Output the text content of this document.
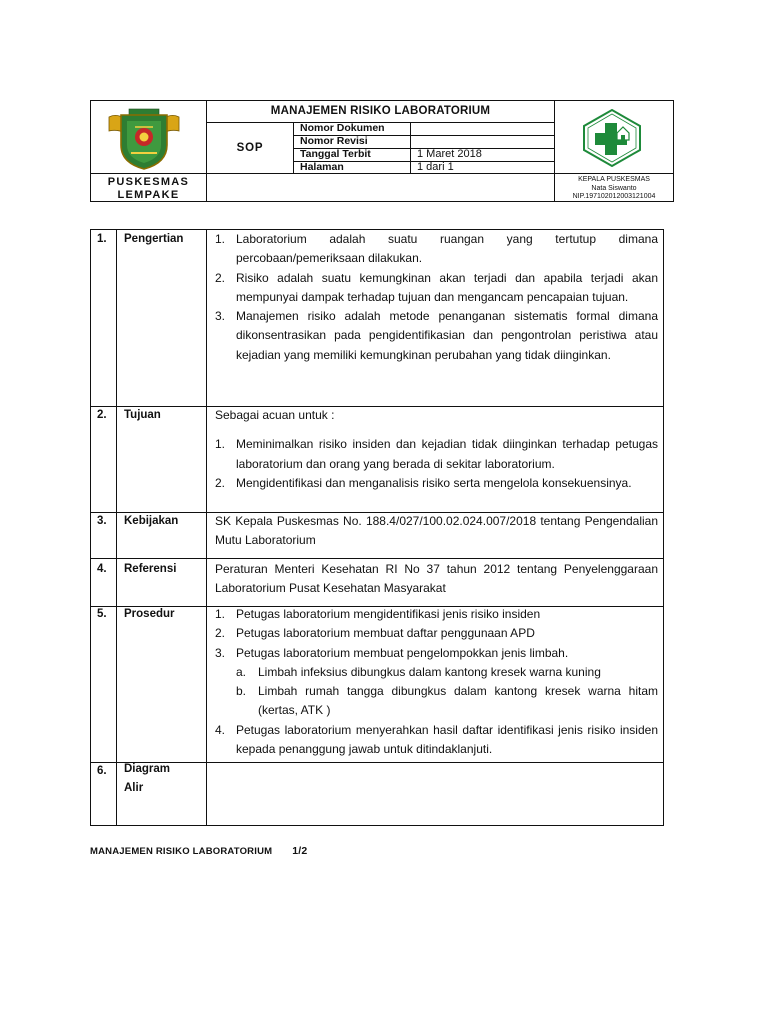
PUSKESMAS
LEMPAKE
MANAJEMEN RISIKO LABORATORIUM
SOP
Nomor Dokumen
Nomor Revisi
Tanggal Terbit	1 Maret 2018
Halaman	1 dari 1
KEPALA PUSKESMAS
Nata Siswanto
NIP.197102012003121004
1. Pengertian	1. Laboratorium adalah suatu ruangan yang tertutup dimana percobaan/pemeriksaan dilakukan.
2. Risiko adalah suatu kemungkinan akan terjadi dan apabila terjadi akan mempunyai dampak terhadap tujuan dan mengancam pencapaian tujuan.
3. Manajemen risiko adalah metode penanganan sistematis formal dimana dikonsentrasikan pada pengidentifikasian dan pengontrolan peristiwa atau kejadian yang memiliki kemungkinan perubahan yang tidak diinginkan.
2. Tujuan	Sebagai acuan untuk :
1. Meminimalkan risiko insiden dan kejadian tidak diinginkan terhadap petugas laboratorium dan orang yang berada di sekitar laboratorium.
2. Mengidentifikasi dan menganalisis risiko serta mengelola konsekuensinya.
3. Kebijakan	SK Kepala Puskesmas No. 188.4/027/100.02.024.007/2018 tentang Pengendalian Mutu Laboratorium
4. Referensi	Peraturan Menteri Kesehatan RI No 37 tahun 2012 tentang Penyelenggaraan Laboratorium Pusat Kesehatan Masyarakat
5. Prosedur	1. Petugas laboratorium mengidentifikasi jenis risiko insiden
2. Petugas laboratorium membuat daftar penggunaan APD
3. Petugas laboratorium membuat pengelompokkan jenis limbah.
a. Limbah infeksius dibungkus dalam kantong kresek warna kuning
b. Limbah rumah tangga dibungkus dalam kantong kresek warna hitam (kertas, ATK )
4. Petugas laboratorium menyerahkan hasil daftar identifikasi jenis risiko insiden kepada penanggung jawab untuk ditindaklanjuti.
6. Diagram
Alir
MANAJEMEN RISIKO LABORATORIUM 1/2
